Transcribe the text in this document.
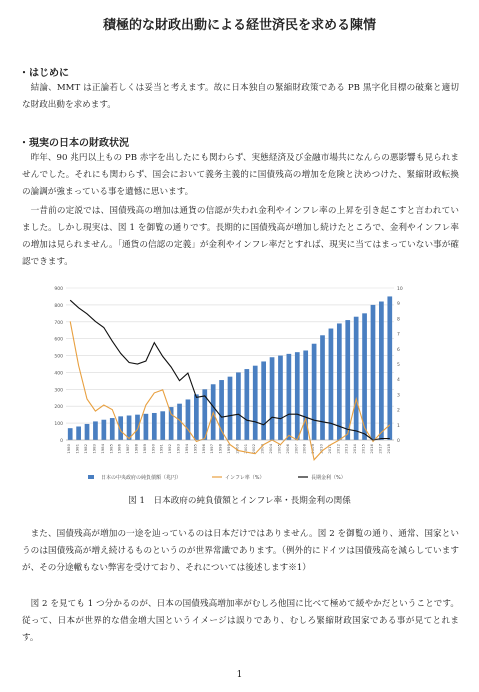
積極的な財政出動による経世済民を求める陳情
・はじめに

結論、MMT は正論若しくは妥当と考えます。故に日本独自の緊縮財政策である PB 黒字化目標の破棄と適切な財政出動を求めます。

・現実の日本の財政状況

昨年、90 兆円以上もの PB 赤字を出したにも関わらず、実態経済及び金融市場共になんらの悪影響も見られませんでした。それにも関わらず、国会において義务主義的に国債残高の増加を危険と決めつけた、緊縮財政転換の論調が強まっている事を遺憾に思います。

一昔前の定説では、国債残高の増加は通貨の信認が失われ金利やインフレ率の上昇を引き起こすと言われていました。しかし現実は、図 1 を御覧の通りです。長期的に国債残高が増加し続けたところで、金利やインフレ率の増加は見られません。「通貨の信認の定義」が金利やインフレ率だとすれば、現実に当てはまっていない事が確認できます。

0
100
200
300
400
500
600
700
800
900
0
1
2
3
4
5
6
7
8
9
10
1980 1981 1982 1983 1984 1985 1986 1987 1988 1989 1990 1991 1992 1993 1994 1995 1996 1997 1998 1999 2000 2001 2002 2003 2004 2005 2006 2007 2008 2009 2010 2011 2012 2013 2014 2015 2016 2017 2018
日本の中央政府の純負債額（兆円）	インフレ率（%）	長期金利（%）
図 1　日本政府の純負債額とインフレ率・長期金利の関係

また、国債残高が増加の一途を辿っているのは日本だけではありません。図 2 を御覧の通り、通常、国家というのは国債残高が増え続けるものというのが世界常識であります。（例外的にドイツは国債残高を減らしていますが、その分途轍もない弊害を受けており、それについては後述します※1）

図 2 を見ても 1 つ分かるのが、日本の国債残高増加率がむしろ他国に比べて極めて緩やかだということです。従って、日本が世界的な借金増大国というイメージは誤りであり、むしろ緊縮財政国家である事が見てとれます。

1
